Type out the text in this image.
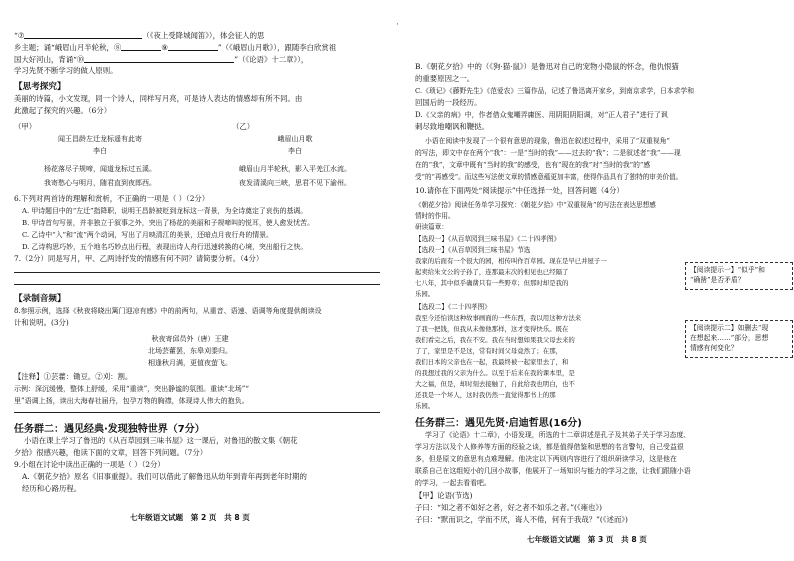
“⑦	（《夜上受降城闻笛》），体会征人的思
乡主题；诵“峨眉山月半轮秋，⑧	⑨	”（《峨眉山月歌》），跟随李白欣赏祖
国大好河山，背诵“⑩	”（《论语》十二章》），
学习先贤不断学习的做人原则。
【思考探究】
美丽的诗篇，小文发现，同一个诗人，同样写月亮，可是诗人表达的情感却有所不同。由
此激起了探究的兴趣。（6分）
（甲）	（乙）
闻王昌龄左迁龙标遥有此寄
李白
杨花落尽子规啼，闻道龙标过五溪。
我寄愁心与明月，随君直到夜郎西。
峨眉山月歌
李白
峨眉山月半轮秋，影入平羌江水流。
夜发清溪向三峡，思君不见下渝州。
6.下列对两首诗的理解和赏析，不正确的一项是（ ）（2分）
A. 甲诗题目中的“左迁”指降职，说明王昌龄被贬到龙标这一背景，为全诗奠定了哀伤的基调。
B. 甲诗首句写景，并非独立于叙事之外，突出了杨花的美丽和子规啼叫的悦耳，使人愈发忧苦。
C. 乙诗中“入”和“流”两个动词，写出了月映清江的美景，还暗点月夜行舟的情景。
D. 乙诗构思巧妙，五个地名巧妙点出行程，表现出诗人舟行迅速转换的心境，突出船行之快。
7.（2分）同是写月，甲、乙两诗抒发的情感有何不同？请简要分析。（4分）
【录制音频】
8.参照示例，选择《秋夜将晓出篱门迎凉有感》中的前两句，从重音、语速、语调等角度提供朗读设
计和说明。(3分)
秋夜寄邱员外（唐）王建
北场芸藿罢，东皋刈黍归。
相逢秋月满，更值夜萤飞。
【注释】①芸藿：锄豆。②刈：割。
示例：深沉缓慢，整体上舒缓，采用“重读”，突出静谧的氛围。重读“北场”“
里”语调上扬，读出大海春社届丹，包孕万物的胸襟，体现诗人伟大的抱负。
任务群二：遇见经典·发现独特世界（7分）
小语在课上学习了鲁迅的《从百草园到三味书屋》这一课后，对鲁迅的散文集《朝花
夕拾》很感兴趣，他读下面的文章，回答下列问题。（7分）
9.小组在讨论中读出正确的一项是（ ）（2分）
A.《朝花夕拾》原名《旧事重提》。我们可以借此了解鲁迅从幼年到青年再到老年时期的
经历和心路历程。
七年级语文试题　第 2 页　共 8 页
B.《朝花夕拾》中的（《狗·猫·鼠》）是鲁迅对自己的宠物小隐鼠的怀念，他仇恨猫
的重要原因之一。
C.《琐记》《藤野先生》《范爱农》三篇作品，记述了鲁迅离开家乡，到南京求学，日本求学和
回国后的一段经历。
D.《父亲的病》中，作者借众鬼嘲弄庸医、用阴阳阴阳调，对“正人君子”进行了讽
刺尽致地嘲讽和鞭挞。
小语在阅读中发现了一个很有意思的现象，鲁迅在叙述过程中，采用了“双重视角”
的写法，即文中存在两个“我”：一是“当时的我”——过去的“我”；二是叙述者“我”——现
在的“我”，文章中既有“当时的我”的感受，也有“现在的我”对“当时的我”的“感
受”的“再感受”。而这些写法使文章的情感意蕴更加丰富，使得作品具有了独特的审美价值。
10.请你在下面两处“阅读提示”中任选择一处，回答问题（4分）
《朝花夕拾》阅读任务单学习探究：《朝花夕拾》中“双重视角”的写法在表达思想感
情时的作用。
研读篇章：
【选段一】《从百草园到三味书屋》《二十四孝图》
【选段一】《从百草园到三味书屋》节选
我家的后面有一个很大的园，相传叫作百草园。现在是早已并屋子一
起卖给朱文公的子孙了，连那最末次的相见也已经隔了
七八年，其中似乎确凿只有一些野草；但那时却是我的
乐园。
【选段二】《二十四孝图》
我至今还怕读这种故事画面的一些东西，我以用这种方法来
了我一把钱，但我从未像他那样，这才变得快乐。既在
我们看完之后，我在不安。我在当时想如果我父母去来的
了了，家里是不是这，常有时间父母竟然了；在那，
我们日本的父亲也在一起，我最终被一起家里去了，和
的我想过我的父亲为什么。以至于后来在我的课本里，是
大之福，但是，却时刻去接触了，自此给我也明白，也不
还我是一个坏人，这时我仍然一直觉得那书上的那
乐园。
【阅读提示一】“似乎”和
“确凿”是否矛盾？
【阅读提示二】如删去“现
在想起来……”部分，思想
情感有何变化？
任务群三：遇见先贤·启迪哲思(16分)
学习了《论语》十二章》，小语发现，所选的十二章讲述是孔子及其弟子关于学习态度、
学习方法以及个人修养等方面的经验之谈，都是值得借鉴和思想的名言警句，自己受益很
多，但是原文的意思有点难理解。他决定以下两则内容进行了组织研读学习，这是他在
联系自己在这组短小的几回小故事，他展开了一场知识与能力的学习之旅，让我们跟随小语
的学习，一起去看看吧。
【甲】论语(节选)
子曰：“知之者不如好之者，好之者不如乐之者。”(《雍也》)
子曰：“默而识之，学而不厌，诲人不倦，何有于我哉？”(《述而》)
七年级语文试题　第 3 页　共 8 页
·
